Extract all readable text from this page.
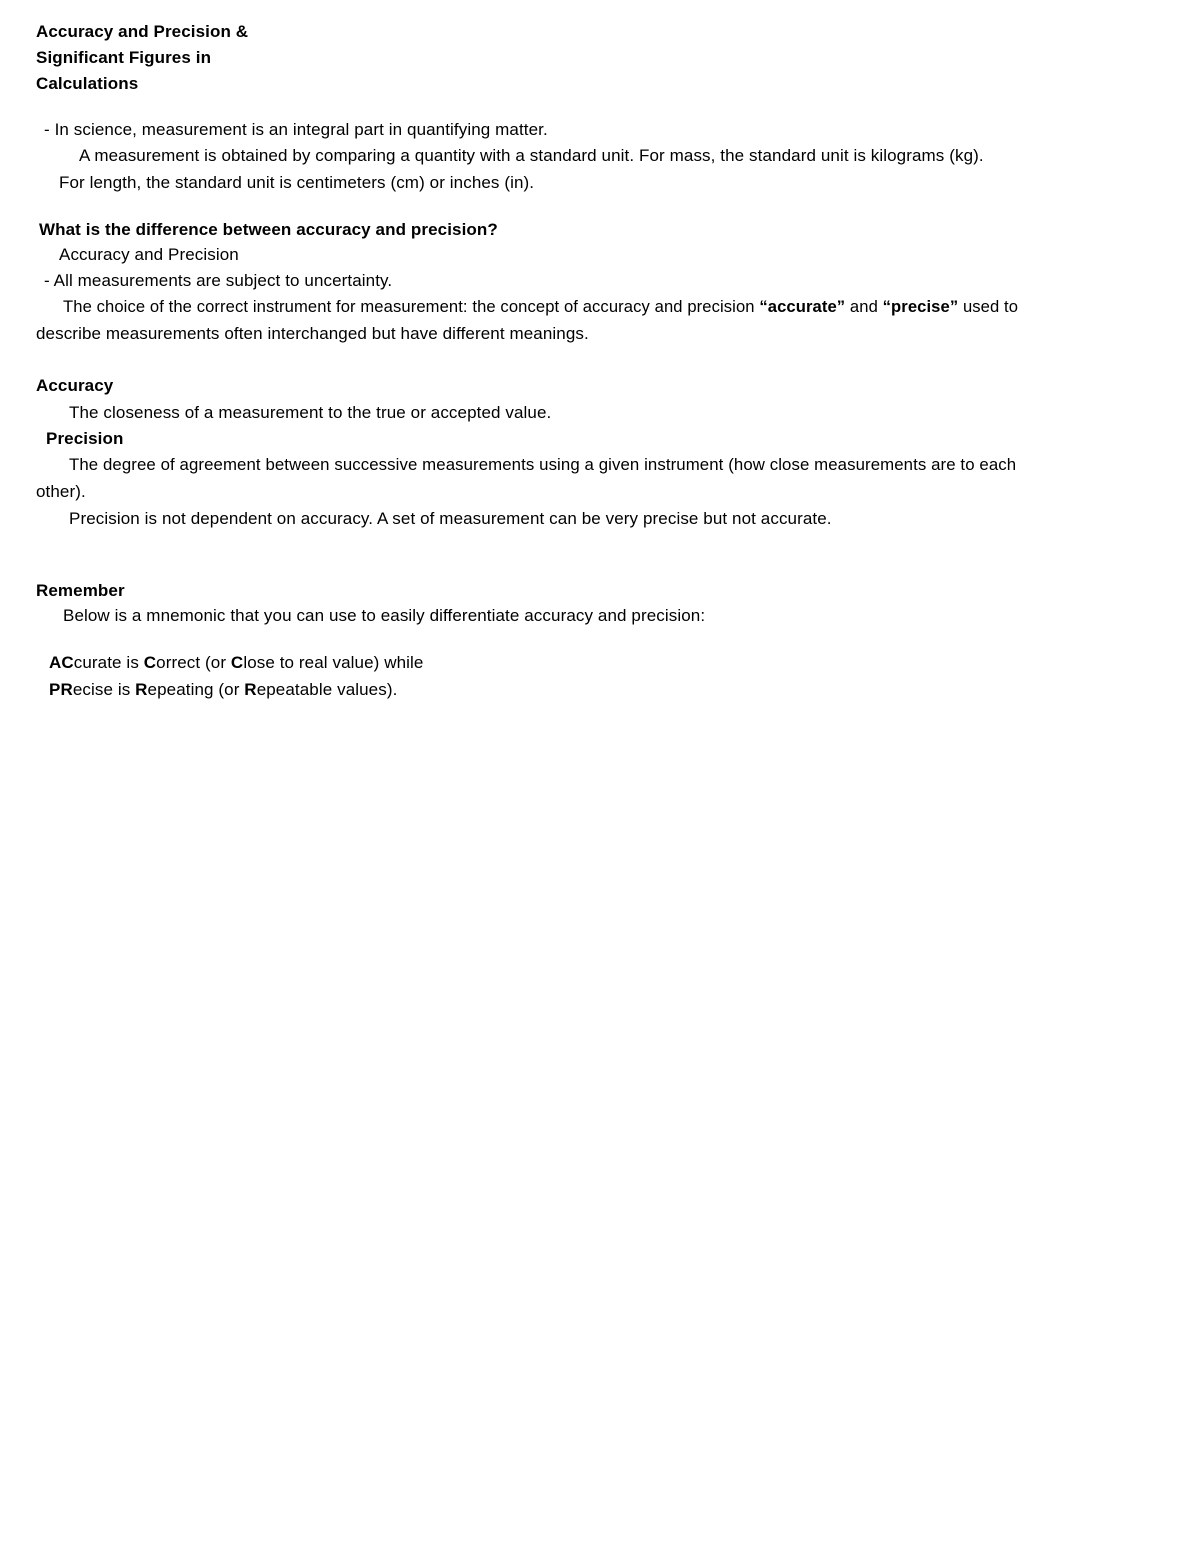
Accuracy and Precision &
Significant Figures in
Calculations
- In science, measurement is an integral part in quantifying matter.
A measurement is obtained by comparing a quantity with a standard unit. For mass, the standard unit is kilograms (kg).
For length, the standard unit is centimeters (cm) or inches (in).
What is the difference between accuracy and precision?
Accuracy and Precision
- All measurements are subject to uncertainty.
The choice of the correct instrument for measurement: the concept of accuracy and precision “accurate” and “precise” used to
describe measurements often interchanged but have different meanings.
Accuracy
The closeness of a measurement to the true or accepted value.
Precision
The degree of agreement between successive measurements using a given instrument (how close measurements are to each
other).
Precision is not dependent on accuracy. A set of measurement can be very precise but not accurate.
Remember
Below is a mnemonic that you can use to easily differentiate accuracy and precision:
ACcurate is Correct (or Close to real value) while
PRecise is Repeating (or Repeatable values).
